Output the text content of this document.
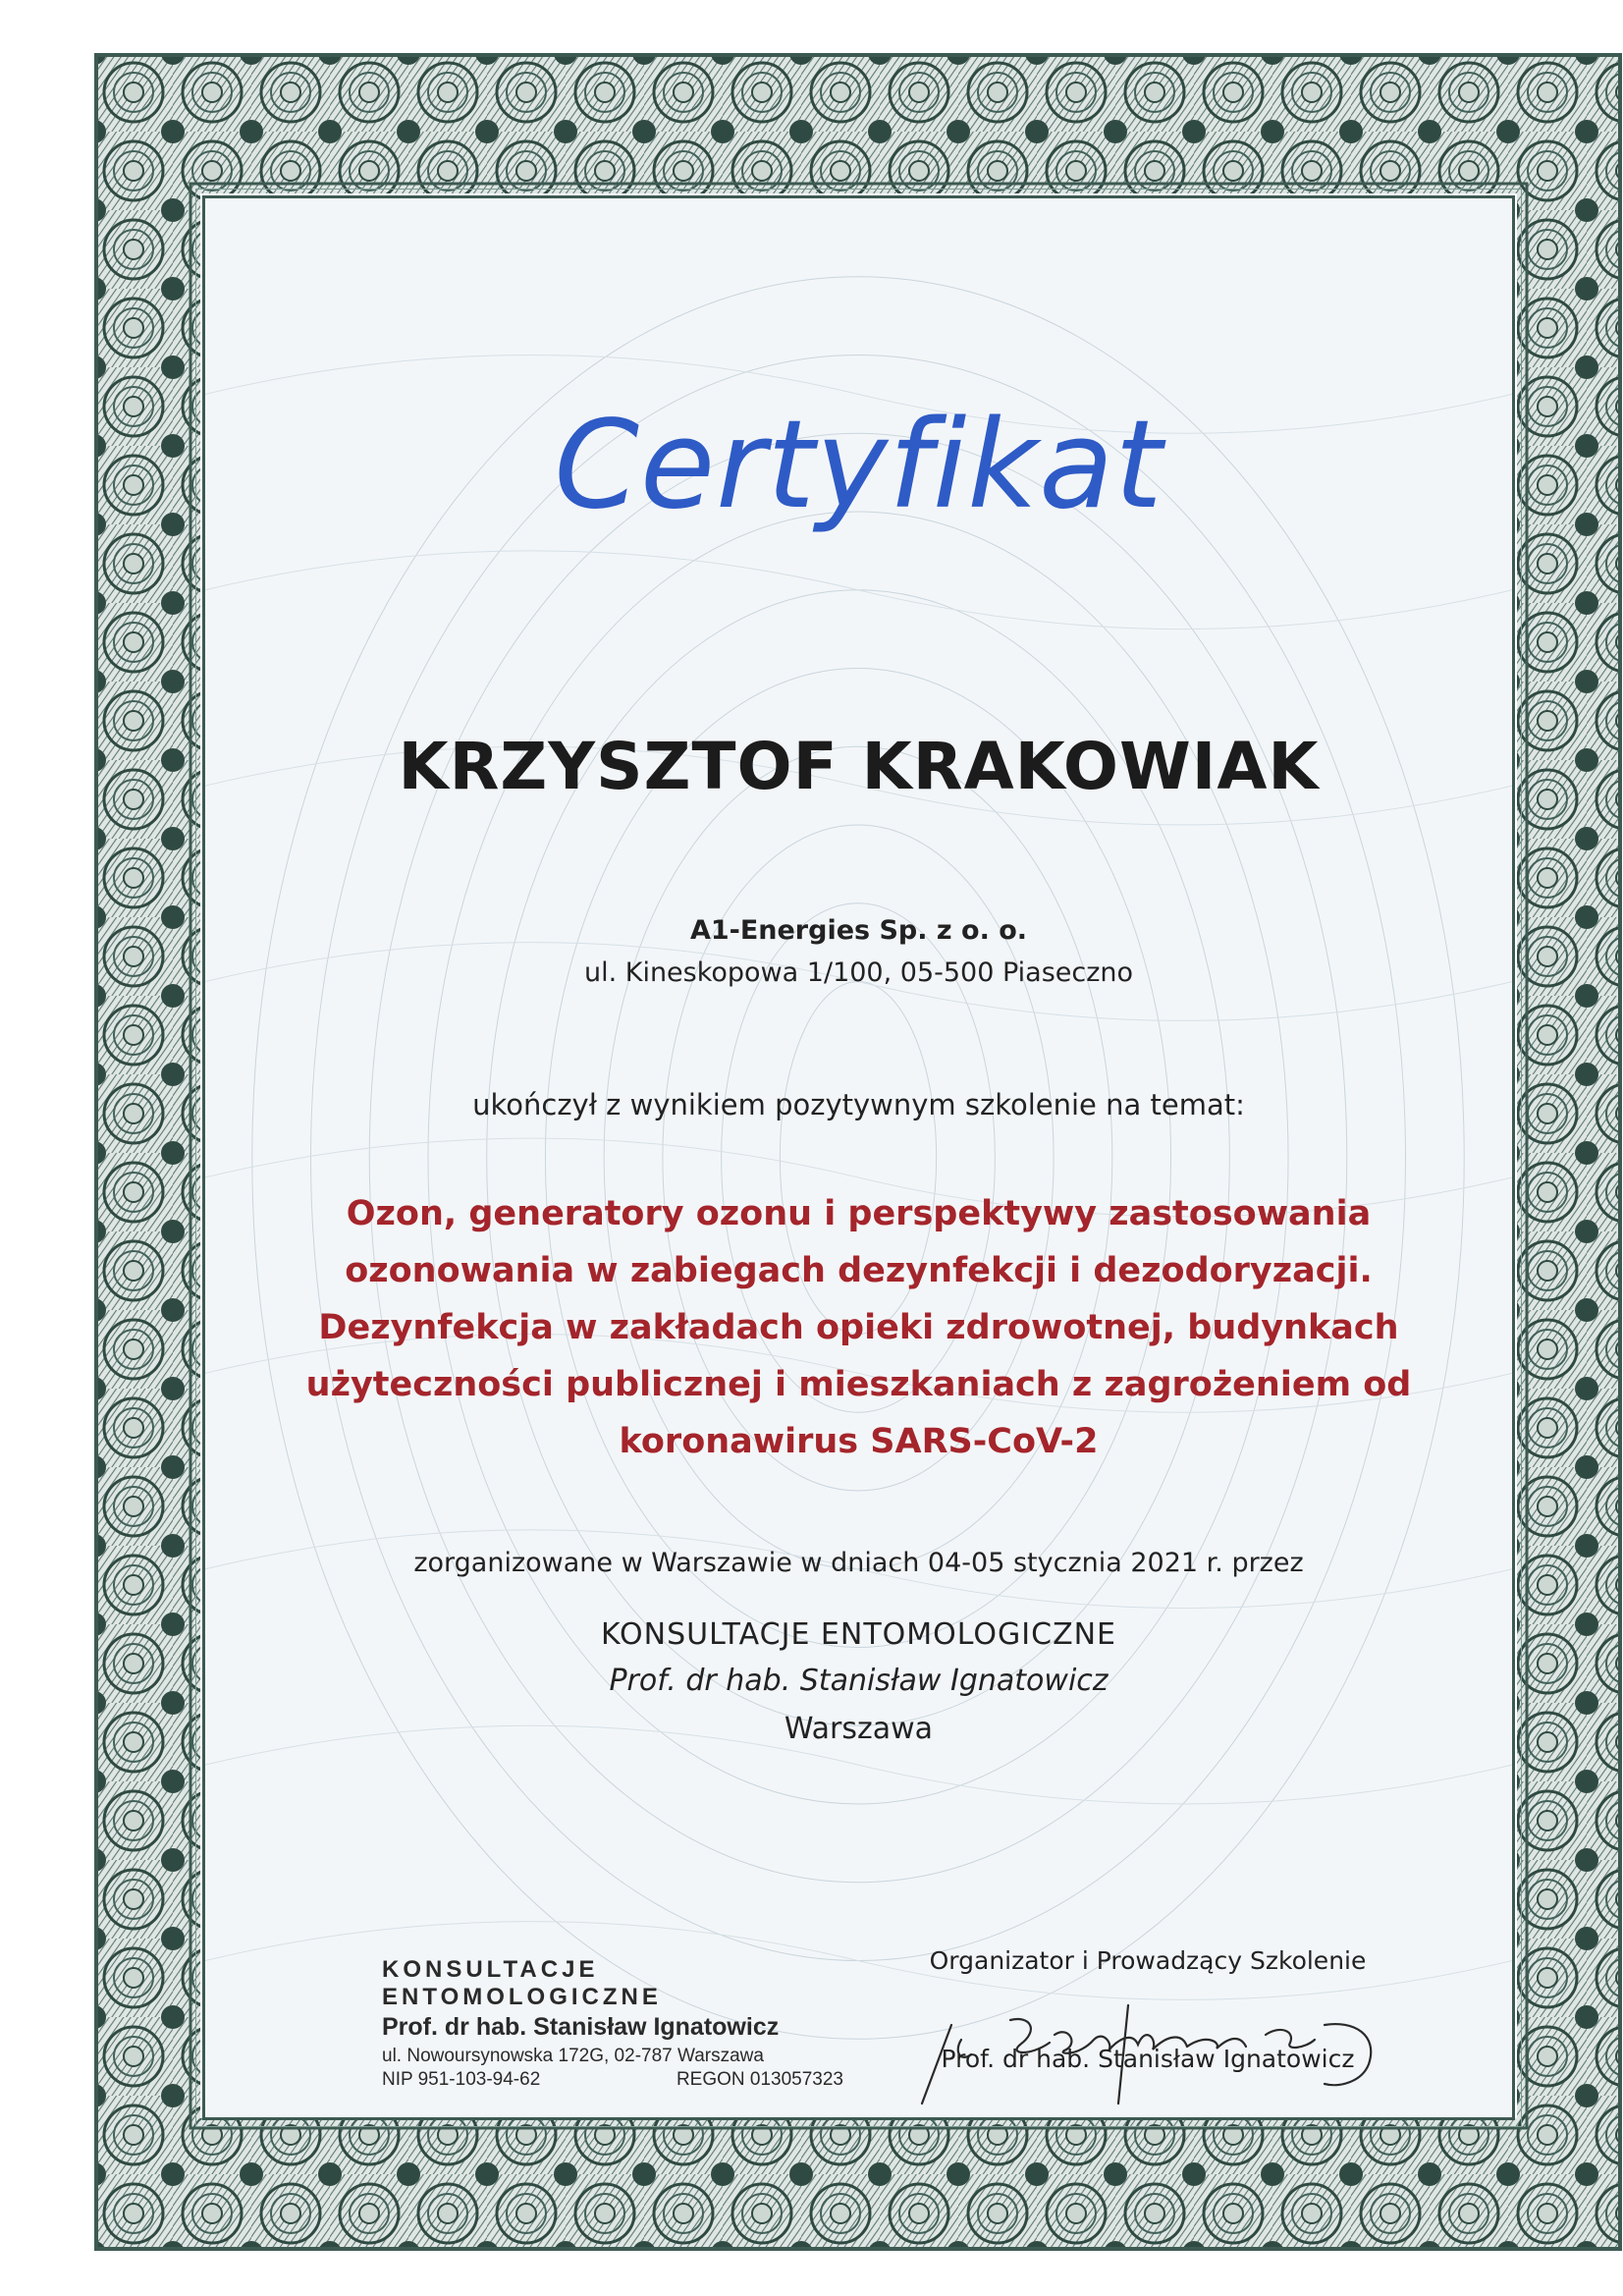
Certyfikat
KRZYSZTOF KRAKOWIAK
A1-Energies Sp. z o. o.
ul. Kineskopowa 1/100, 05-500 Piaseczno
ukończył z wynikiem pozytywnym szkolenie na temat:
Ozon, generatory ozonu i perspektywy zastosowania
ozonowania w zabiegach dezynfekcji i dezodoryzacji.
Dezynfekcja w zakładach opieki zdrowotnej, budynkach
użyteczności publicznej i mieszkaniach z zagrożeniem od
koronawirus SARS-CoV-2
zorganizowane w Warszawie w dniach 04-05 stycznia 2021 r. przez
KONSULTACJE ENTOMOLOGICZNE
Prof. dr hab. Stanisław Ignatowicz
Warszawa
KONSULTACJE ENTOMOLOGICZNE
Prof. dr hab. Stanisław Ignatowicz
ul. Nowoursynowska 172G, 02-787 Warszawa
NIP 951-103-94-62	REGON 013057323
Organizator i Prowadzący Szkolenie
Prof. dr hab. Stanisław Ignatowicz
